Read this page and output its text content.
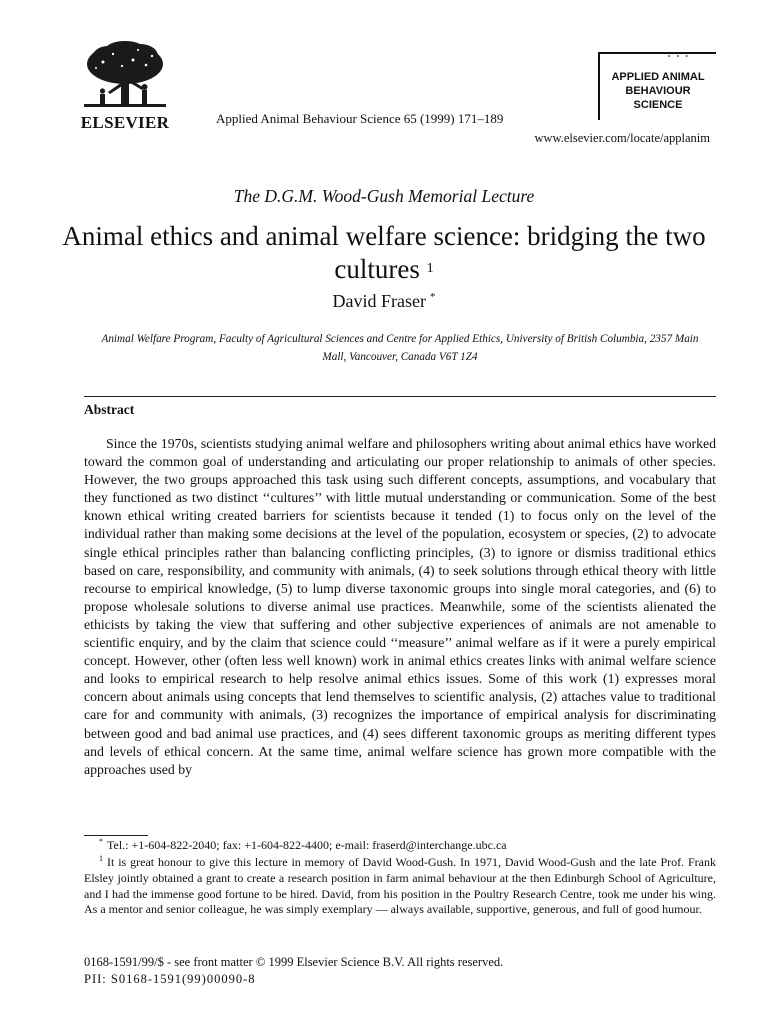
ELSEVIER	Applied Animal Behaviour Science 65 (1999) 171–189
www.elsevier.com/locate/applanim
• • •
APPLIED ANIMAL
BEHAVIOUR
SCIENCE
The D.G.M. Wood-Gush Memorial Lecture
Animal ethics and animal welfare science: bridging the two cultures $^1$
David Fraser *
Animal Welfare Program, Faculty of Agricultural Sciences and Centre for Applied Ethics, University of British Columbia, 2357 Main Mall, Vancouver, Canada V6T 1Z4
Abstract

Since the 1970s, scientists studying animal welfare and philosophers writing about animal ethics have worked toward the common goal of understanding and articulating our proper relationship to animals of other species. However, the two groups approached this task using such different concepts, assumptions, and vocabulary that they functioned as two distinct ‘‘cultures’’ with little mutual understanding or communication. Some of the best known ethical writing created barriers for scientists because it tended (1) to focus only on the level of the individual rather than making some decisions at the level of the population, ecosystem or species, (2) to advocate single ethical principles rather than balancing conflicting principles, (3) to ignore or dismiss traditional ethics based on care, responsibility, and community with animals, (4) to seek solutions through ethical theory with little recourse to empirical knowledge, (5) to lump diverse taxonomic groups into single moral categories, and (6) to propose wholesale solutions to diverse animal use practices. Meanwhile, some of the scientists alienated the ethicists by taking the view that suffering and other subjective experiences of animals are not amenable to scientific enquiry, and by the claim that science could ‘‘measure’’ animal welfare as if it were a purely empirical concept. However, other (often less well known) work in animal ethics creates links with animal welfare science and looks to empirical research to help resolve animal ethics issues. Some of this work (1) expresses moral concern about animals using concepts that lend themselves to scientific analysis, (2) attaches value to traditional care for and community with animals, (3) recognizes the importance of empirical analysis for discriminating between good and bad animal use practices, and (4) sees different taxonomic groups as meriting different types and levels of ethical concern. At the same time, animal welfare science has grown more compatible with the approaches used by

* Tel.: +1-604-822-2040; fax: +1-604-822-4400; e-mail: fraserd@interchange.ubc.ca

$^1$ It is great honour to give this lecture in memory of David Wood-Gush. In 1971, David Wood-Gush and the late Prof. Frank Elsley jointly obtained a grant to create a research position in farm animal behaviour at the then Edinburgh School of Agriculture, and I had the immense good fortune to be hired. David, from his position in the Poultry Research Centre, took me under his wing. As a mentor and senior colleague, he was simply exemplary — always available, supportive, generous, and full of good humour.

0168-1591/99/$ - see front matter © 1999 Elsevier Science B.V. All rights reserved.
PII: S0168-1591(99)00090-8
